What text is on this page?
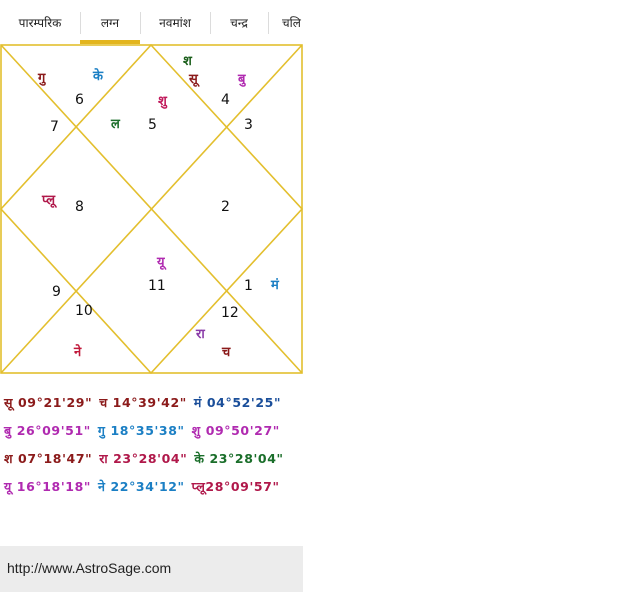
पारम्परिक	लग्न	नवमांश	चन्द्र	चलि
1
2
3
4
5
6
7
8
9
10
11
12
गु	के
श
सू	बु
शु
ल
प्लू
यू
मं
रा
च
ने
सू 09°21'29" च 14°39'42" मं 04°52'25"
बु 26°09'51" गु 18°35'38" शु 09°50'27"
श 07°18'47" रा 23°28'04" के 23°28'04"
यू 16°18'18" ने 22°34'12" प्लू28°09'57"
http://www.AstroSage.com
